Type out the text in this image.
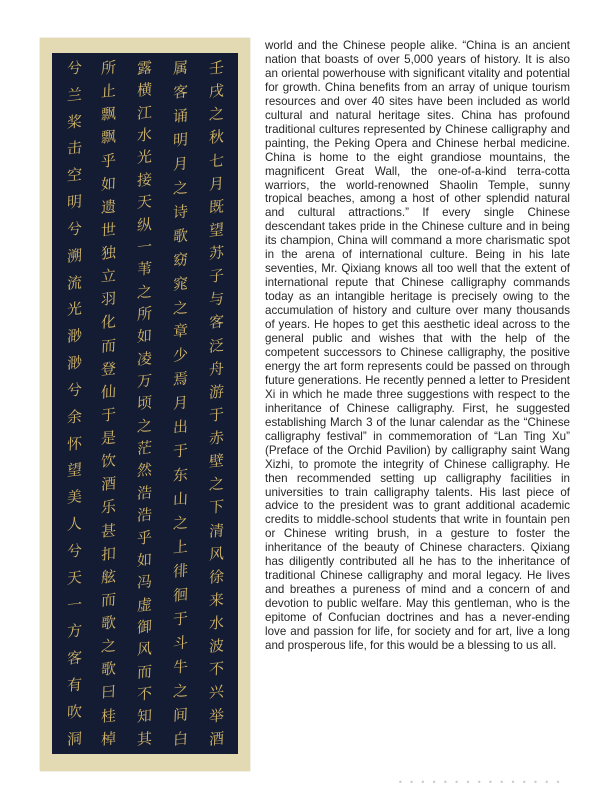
壬
戌
之
秋
七
月
既
望
苏
子
与
客
泛
舟
游
于
赤
壁
之
下
清
风
徐
来
水
波
不
兴
举
酒
属
客
诵
明
月
之
诗
歌
窈
窕
之
章
少
焉
月
出
于
东
山
之
上
徘
徊
于
斗
牛
之
间
白
露
横
江
水
光
接
天
纵
一
苇
之
所
如
凌
万
顷
之
茫
然
浩
浩
乎
如
冯
虚
御
风
而
不
知
其
所
止
飘
飘
乎
如
遗
世
独
立
羽
化
而
登
仙
于
是
饮
酒
乐
甚
扣
舷
而
歌
之
歌
曰
桂
棹
兮
兰
桨
击
空
明
兮
溯
流
光
渺
渺
兮
余
怀
望
美
人
兮
天
一
方
客
有
吹
洞

world and the Chinese people alike. “China is an ancient nation that boasts of over 5,000 years of history. It is also an oriental powerhouse with significant vitality and potential for growth. China benefits from an array of unique tourism resources and over 40 sites have been included as world cultural and natural heritage sites. China has profound traditional cultures represented by Chinese calligraphy and painting, the Peking Opera and Chinese herbal medicine. China is home to the eight grandiose mountains, the magnificent Great Wall, the one-of-a-kind terra-cotta warriors, the world-renowned Shaolin Temple, sunny tropical beaches, among a host of other splendid natural and cultural attractions.” If every single Chinese descendant takes pride in the Chinese culture and in being its champion, China will command a more charismatic spot in the arena of international culture. Being in his late seventies, Mr. Qixiang knows all too well that the extent of international repute that Chinese calligraphy commands today as an intangible heritage is precisely owing to the accumulation of history and culture over many thousands of years. He hopes to get this aesthetic ideal across to the general public and wishes that with the help of the competent successors to Chinese calligraphy, the positive energy the art form represents could be passed on through future generations. He recently penned a letter to President Xi in which he made three suggestions with respect to the inheritance of Chinese calligraphy. First, he suggested establishing March 3 of the lunar calendar as the “Chinese calligraphy festival” in commemoration of “Lan Ting Xu” (Preface of the Orchid Pavilion) by calligraphy saint Wang Xizhi, to promote the integrity of Chinese calligraphy. He then recommended setting up calligraphy facilities in universities to train calligraphy talents. His last piece of advice to the president was to grant additional academic credits to middle-school students that write in fountain pen or Chinese writing brush, in a gesture to foster the inheritance of the beauty of Chinese characters. Qixiang has diligently contributed all he has to the inheritance of traditional Chinese calligraphy and moral legacy. He lives and breathes a pureness of mind and a concern of and devotion to public welfare. May this gentleman, who is the epitome of Confucian doctrines and has a never-ending love and passion for life, for society and for art, live a long and prosperous life, for this would be a blessing to us all.

• • • • • • • • • • • • • • •
